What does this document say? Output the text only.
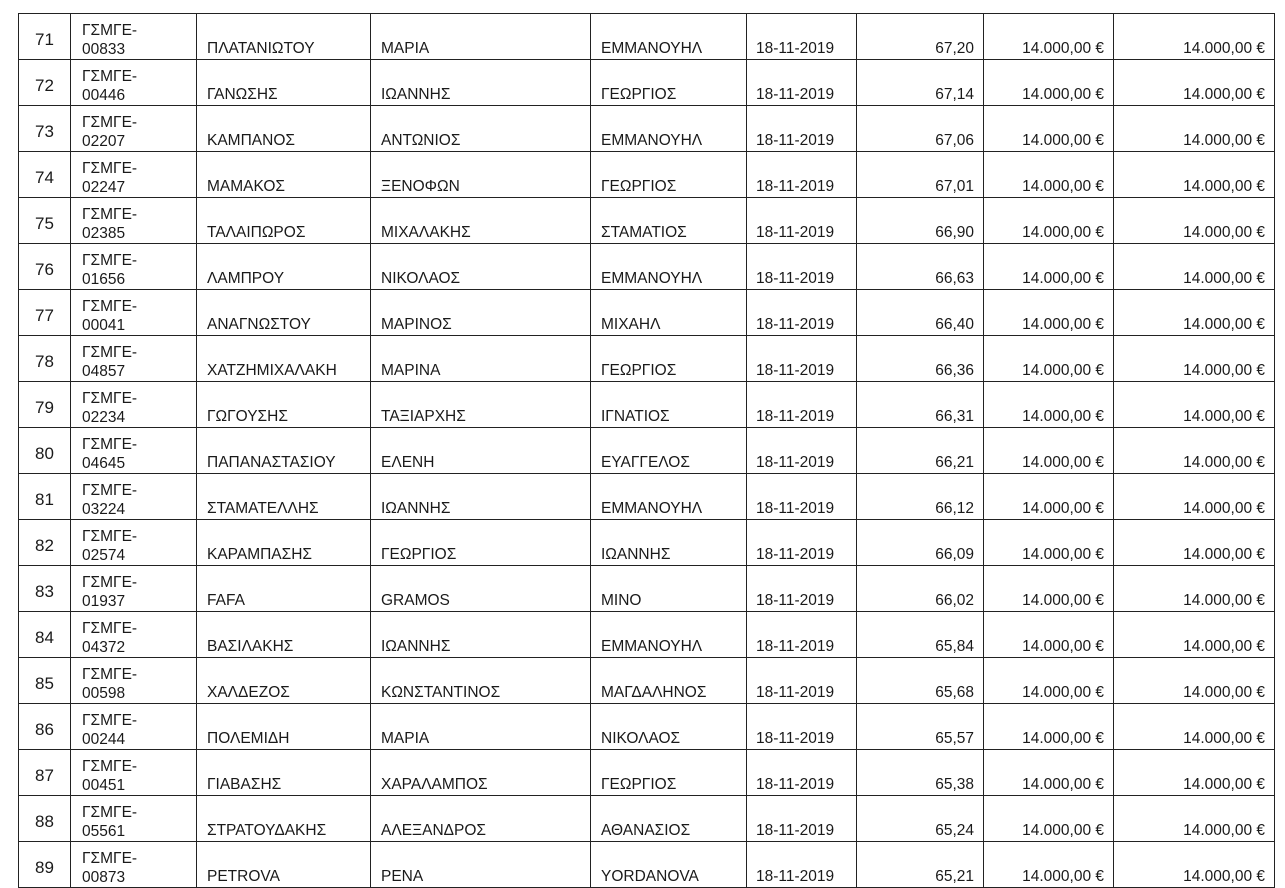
71	ΓΣΜΓΕ-
00833	ΠΛΑΤΑΝΙΩΤΟΥ	ΜΑΡΙΑ	ΕΜΜΑΝΟΥΗΛ	18-11-2019	67,20	14.000,00 €	14.000,00 €
72	ΓΣΜΓΕ-
00446	ΓΑΝΩΣΗΣ	ΙΩΑΝΝΗΣ	ΓΕΩΡΓΙΟΣ	18-11-2019	67,14	14.000,00 €	14.000,00 €
73	ΓΣΜΓΕ-
02207	ΚΑΜΠΑΝΟΣ	ΑΝΤΩΝΙΟΣ	ΕΜΜΑΝΟΥΗΛ	18-11-2019	67,06	14.000,00 €	14.000,00 €
74	ΓΣΜΓΕ-
02247	ΜΑΜΑΚΟΣ	ΞΕΝΟΦΩΝ	ΓΕΩΡΓΙΟΣ	18-11-2019	67,01	14.000,00 €	14.000,00 €
75	ΓΣΜΓΕ-
02385	ΤΑΛΑΙΠΩΡΟΣ	ΜΙΧΑΛΑΚΗΣ	ΣΤΑΜΑΤΙΟΣ	18-11-2019	66,90	14.000,00 €	14.000,00 €
76	ΓΣΜΓΕ-
01656	ΛΑΜΠΡΟΥ	ΝΙΚΟΛΑΟΣ	ΕΜΜΑΝΟΥΗΛ	18-11-2019	66,63	14.000,00 €	14.000,00 €
77	ΓΣΜΓΕ-
00041	ΑΝΑΓΝΩΣΤΟΥ	ΜΑΡΙΝΟΣ	ΜΙΧΑΗΛ	18-11-2019	66,40	14.000,00 €	14.000,00 €
78	ΓΣΜΓΕ-
04857	ΧΑΤΖΗΜΙΧΑΛΑΚΗ	ΜΑΡΙΝΑ	ΓΕΩΡΓΙΟΣ	18-11-2019	66,36	14.000,00 €	14.000,00 €
79	ΓΣΜΓΕ-
02234	ΓΩΓΟΥΣΗΣ	ΤΑΞΙΑΡΧΗΣ	ΙΓΝΑΤΙΟΣ	18-11-2019	66,31	14.000,00 €	14.000,00 €
80	ΓΣΜΓΕ-
04645	ΠΑΠΑΝΑΣΤΑΣΙΟΥ	ΕΛΕΝΗ	ΕΥΑΓΓΕΛΟΣ	18-11-2019	66,21	14.000,00 €	14.000,00 €
81	ΓΣΜΓΕ-
03224	ΣΤΑΜΑΤΕΛΛΗΣ	ΙΩΑΝΝΗΣ	ΕΜΜΑΝΟΥΗΛ	18-11-2019	66,12	14.000,00 €	14.000,00 €
82	ΓΣΜΓΕ-
02574	ΚΑΡΑΜΠΑΣΗΣ	ΓΕΩΡΓΙΟΣ	ΙΩΑΝΝΗΣ	18-11-2019	66,09	14.000,00 €	14.000,00 €
83	ΓΣΜΓΕ-
01937	FAFA	GRAMOS	MINO	18-11-2019	66,02	14.000,00 €	14.000,00 €
84	ΓΣΜΓΕ-
04372	ΒΑΣΙΛΑΚΗΣ	ΙΩΑΝΝΗΣ	ΕΜΜΑΝΟΥΗΛ	18-11-2019	65,84	14.000,00 €	14.000,00 €
85	ΓΣΜΓΕ-
00598	ΧΑΛΔΕΖΟΣ	ΚΩΝΣΤΑΝΤΙΝΟΣ	ΜΑΓΔΑΛΗΝΟΣ	18-11-2019	65,68	14.000,00 €	14.000,00 €
86	ΓΣΜΓΕ-
00244	ΠΟΛΕΜΙΔΗ	ΜΑΡΙΑ	ΝΙΚΟΛΑΟΣ	18-11-2019	65,57	14.000,00 €	14.000,00 €
87	ΓΣΜΓΕ-
00451	ΓΙΑΒΑΣΗΣ	ΧΑΡΑΛΑΜΠΟΣ	ΓΕΩΡΓΙΟΣ	18-11-2019	65,38	14.000,00 €	14.000,00 €
88	ΓΣΜΓΕ-
05561	ΣΤΡΑΤΟΥΔΑΚΗΣ	ΑΛΕΞΑΝΔΡΟΣ	ΑΘΑΝΑΣΙΟΣ	18-11-2019	65,24	14.000,00 €	14.000,00 €
89	ΓΣΜΓΕ-
00873	PETROVA	PENA	YORDANOVA	18-11-2019	65,21	14.000,00 €	14.000,00 €
